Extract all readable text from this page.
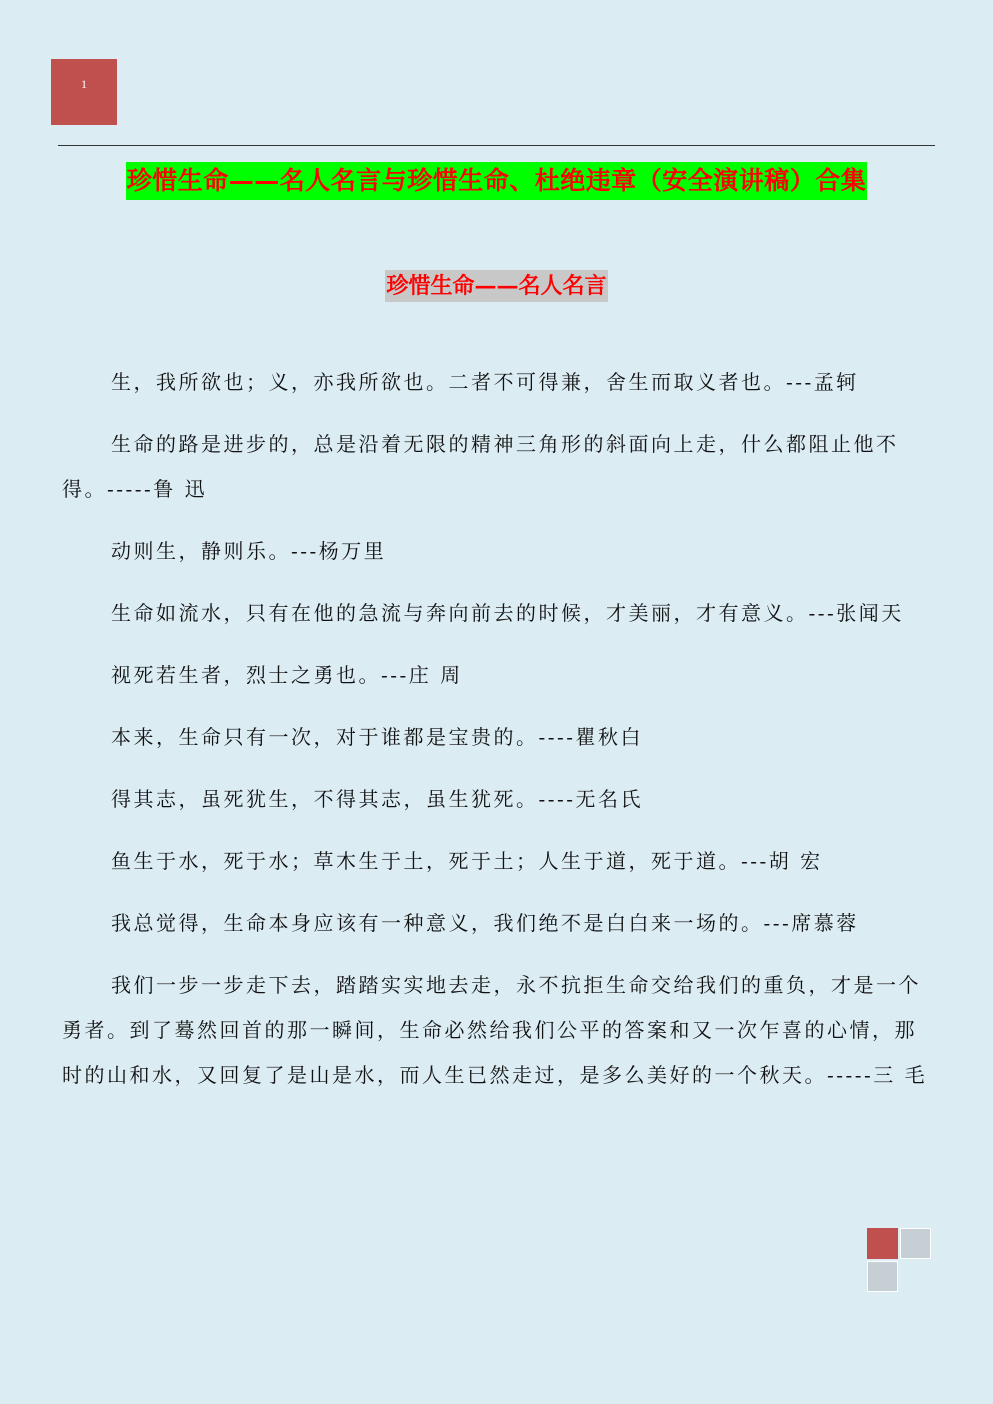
1
珍惜生命——名人名言与珍惜生命、杜绝违章（安全演讲稿）合集
珍惜生命——名人名言

生，我所欲也；义，亦我所欲也。二者不可得兼，舍生而取义者也。---孟轲

生命的路是进步的，总是沿着无限的精神三角形的斜面向上走，什么都阻止他不得。-----鲁 迅

动则生，静则乐。---杨万里

生命如流水，只有在他的急流与奔向前去的时候，才美丽，才有意义。---张闻天

视死若生者，烈士之勇也。---庄 周

本来，生命只有一次，对于谁都是宝贵的。----瞿秋白

得其志，虽死犹生，不得其志，虽生犹死。----无名氏

鱼生于水，死于水；草木生于土，死于土；人生于道，死于道。---胡 宏

我总觉得，生命本身应该有一种意义，我们绝不是白白来一场的。---席慕蓉

我们一步一步走下去，踏踏实实地去走，永不抗拒生命交给我们的重负，才是一个勇者。到了蓦然回首的那一瞬间，生命必然给我们公平的答案和又一次乍喜的心情，那时的山和水，又回复了是山是水，而人生已然走过，是多么美好的一个秋天。-----三 毛
